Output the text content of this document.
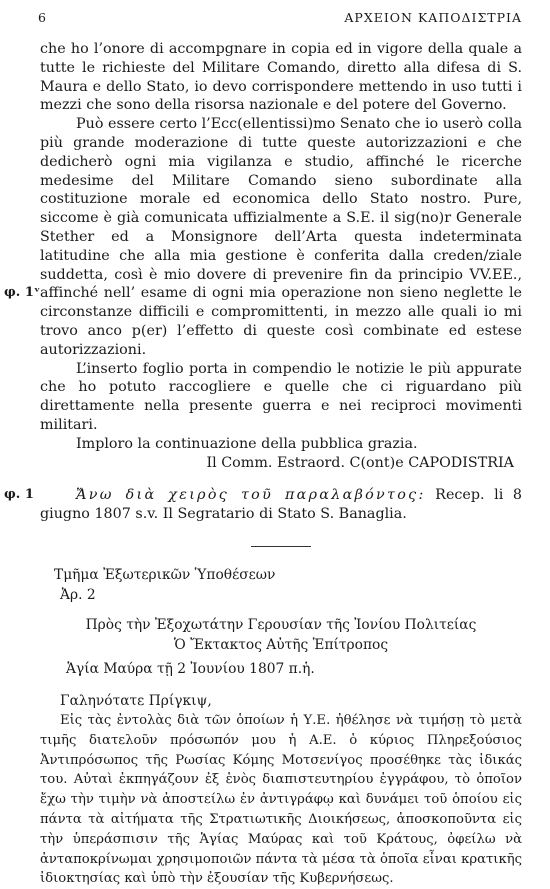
6	ΑΡΧΕΙΟΝ ΚΑΠΟΔΙΣΤΡΙΑ

che ho l’onore di accompgnare in copia ed in vigore della quale a tutte le richieste del Militare Comando, diretto alla difesa di S. Maura e dello Stato, io devo corrispondere mettendo in uso tutti i mezzi che sono della risorsa nazionale e del potere del Governo.

φ. 1ᵛ

Può essere certo l’Ecc(ellentissi)mo Senato che io userò colla più grande moderazione di tutte queste autorizzazioni e che dedicherò ogni mia vigilanza e studio, affinché le ricerche medesime del Militare Comando sieno subordinate alla costituzione morale ed economica dello Stato nostro. Pure, siccome è già comunicata uffizialmente a S.E. il sig(no)r Generale Stether ed a Monsignore dell’Arta questa indeterminata latitudine che alla mia gestione è conferita dalla creden/ziale suddetta, così è mio dovere di prevenire fin da principio VV.EE., affinché nell’ esame di ogni mia operazione non sieno neglette le circonstanze difficili e compromittenti, in mezzo alle quali io mi trovo anco p(er) l’effetto di queste così combinate ed estese autorizzazioni.

L’inserto foglio porta in compendio le notizie le più appurate che ho potuto raccogliere e quelle che ci riguardano più direttamente nella presente guerra e nei reciproci movimenti militari.

Imploro la continuazione della pubblica grazia.

Il Comm. Estraord. C(ont)e CAPODISTRIA

φ. 1	Ἄνω διὰ χειρὸς τοῦ παραλαβόντος: Recep. li 8 giugno 1807 s.v. Il Segratario di Stato S. Banaglia.

Τμῆμα Ἐξωτερικῶν Ὑποθέσεων
Ἀρ. 2
Πρὸς τὴν Ἐξοχωτάτην Γερουσίαν τῆς Ἰονίου Πολιτείας
Ὁ Ἔκτακτος Αὐτῆς Ἐπίτροπος
Ἁγία Μαύρα τῇ 2 Ἰουνίου 1807 π.ἡ.
Γαληνότατε Πρίγκιψ,
Εἰς τὰς ἐντολὰς διὰ τῶν ὁποίων ἡ Υ.Ε. ἠθέλησε νὰ τιμήσῃ τὸ μετὰ τιμῆς διατελοῦν πρόσωπόν μου ἡ Α.Ε. ὁ κύριος Πληρεξούσιος Ἀντιπρόσωπος τῆς Ρωσίας Κόμης Μοτσενίγος προσέθηκε τὰς ἰδικάς του. Αὐταὶ ἐκπηγάζουν ἐξ ἑνὸς διαπιστευτηρίου ἐγγράφου, τὸ ὁποῖον ἔχω τὴν τιμὴν νὰ ἀποστείλω ἐν ἀντιγράφῳ καὶ δυνάμει τοῦ ὁποίου εἰς πάντα τὰ αἰτήματα τῆς Στρατιωτικῆς Διοικήσεως, ἀποσκοποῦντα εἰς τὴν ὑπεράσπισιν τῆς Ἁγίας Μαύρας καὶ τοῦ Κράτους, ὀφείλω νὰ ἀνταποκρίνωμαι χρησιμοποιῶν πάντα τὰ μέσα τὰ ὁποῖα εἶναι κρατικῆς ἰδιοκτησίας καὶ ὑπὸ τὴν ἐξουσίαν τῆς Κυβερνήσεως.
